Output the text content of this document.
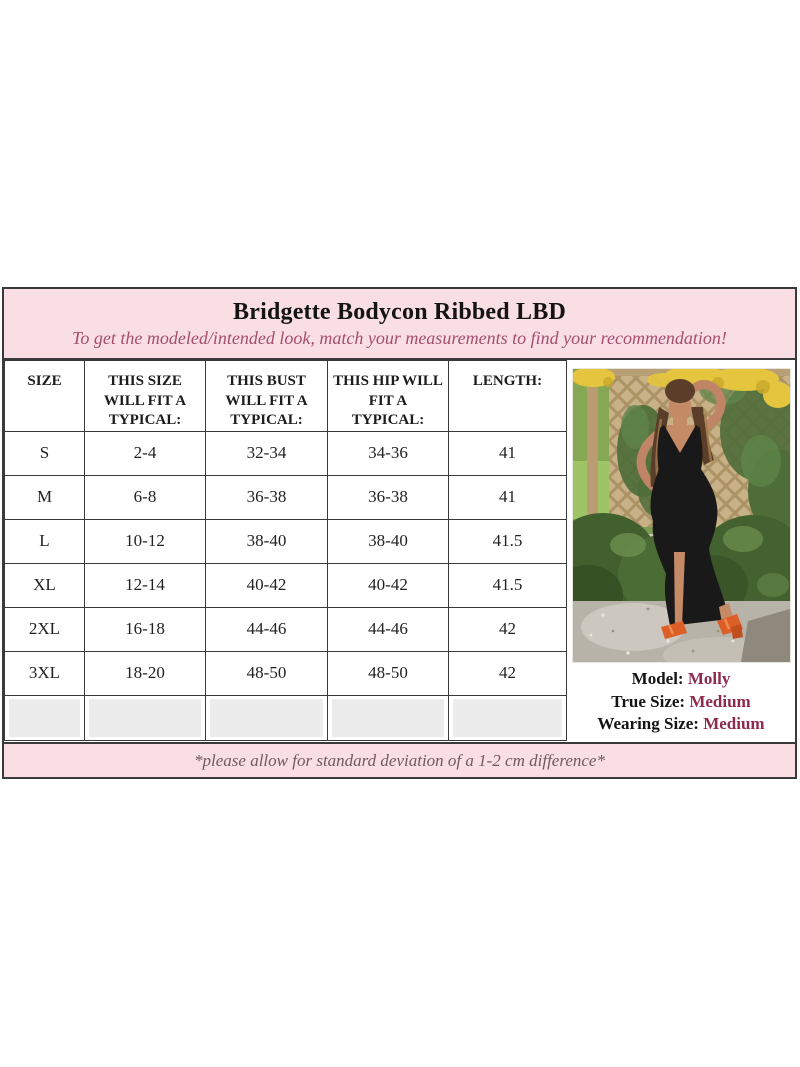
Bridgette Bodycon Ribbed LBD
To get the modeled/intended look, match your measurements to find your recommendation!
SIZE	THIS SIZE WILL FIT A TYPICAL:	THIS BUST WILL FIT A TYPICAL:	THIS HIP WILL FIT A TYPICAL:	LENGTH:
S	2-4	32-34	34-36	41
M	6-8	36-38	36-38	41
L	10-12	38-40	38-40	41.5
XL	12-14	40-42	40-42	41.5
2XL	16-18	44-46	44-46	42
3XL	18-20	48-50	48-50	42

		Model: Molly
True Size: Medium
Wearing Size: Medium
*please allow for standard deviation of a 1-2 cm difference*
